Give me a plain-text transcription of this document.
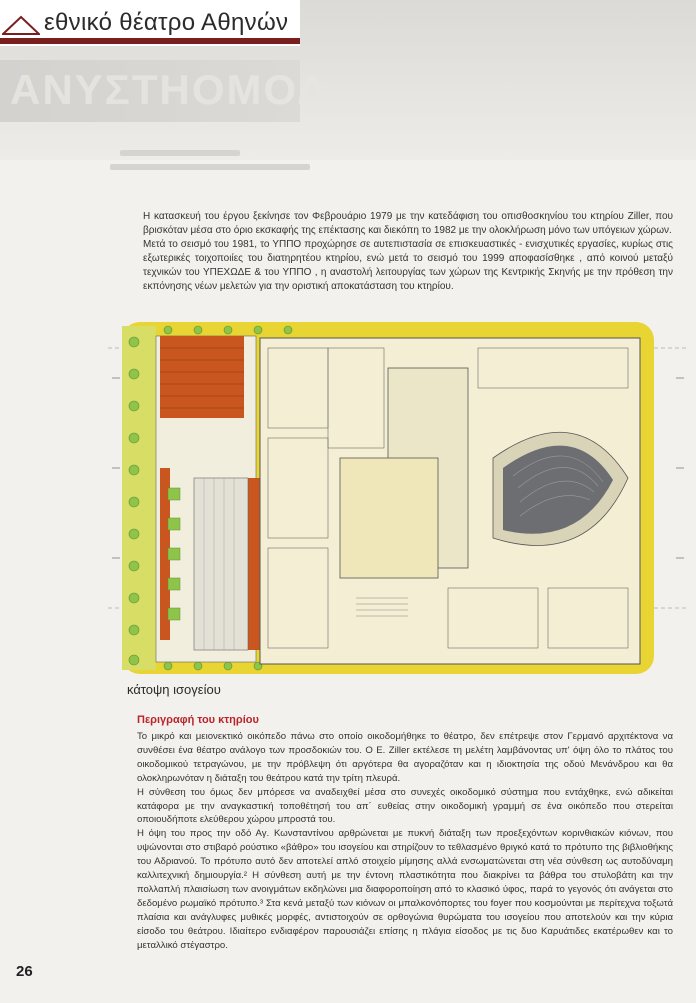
ΑΝΥΣΤΗΟΜΟΔ
εθνικό θέατρο Αθηνών

Η κατασκευή του έργου ξεκίνησε τον Φεβρουάριο 1979 με την κατεδάφιση του οπισθοσκηνίου του κτηρίου Ziller, που βρισκόταν μέσα στο όριο εκσκαφής της επέκτασης και διεκόπη το 1982 με την ολοκλήρωση μόνο των υπόγειων χώρων.

Μετά το σεισμό του 1981, το ΥΠΠΟ προχώρησε σε αυτεπιστασία σε επισκευαστικές - ενισχυτικές εργασίες, κυρίως στις εξωτερικές τοιχοποιίες του διατηρητέου κτηρίου, ενώ μετά το σεισμό του 1999 αποφασίσθηκε , από κοινού μεταξύ τεχνικών του ΥΠΕΧΩΔΕ & του ΥΠΠΟ , η αναστολή λειτουργίας των χώρων της Κεντρικής Σκηνής με την πρόθεση την εκπόνησης νέων μελετών για την οριστική αποκατάσταση του κτηρίου.

κάτοψη ισογείου
Περιγραφή του κτηρίου

Το μικρό και μειονεκτικό οικόπεδο πάνω στο οποίο οικοδομήθηκε το θέατρο, δεν επέτρεψε στον Γερμανό αρχιτέκτονα να συνθέσει ένα θέατρο ανάλογο των προσδοκιών του. Ο Ε. Ziller εκτέλεσε τη μελέτη λαμβάνοντας υπ' όψη όλο το πλάτος του οικοδομικού τετραγώνου, με την πρόβλεψη ότι αργότερα θα αγοραζόταν και η ιδιοκτησία της οδού Μενάνδρου και θα ολοκληρωνόταν η διάταξη του θεάτρου κατά την τρίτη πλευρά.

Η σύνθεση του όμως δεν μπόρεσε να αναδειχθεί μέσα στο συνεχές οικοδομικό σύστημα που εντάχθηκε, ενώ αδικείται κατάφορα με την αναγκαστική τοποθέτησή του απ΄ ευθείας στην οικοδομική γραμμή σε ένα οικόπεδο που στερείται οποιουδήποτε ελεύθερου χώρου μπροστά του.

Η όψη του προς την οδό Αγ. Κωνσταντίνου αρθρώνεται με πυκνή διάταξη των προεξεχόντων κορινθιακών κιόνων, που υψώνονται στο στιβαρό ρούστικο «βάθρο» του ισογείου και στηρίζουν το τεθλασμένο θριγκό κατά το πρότυπο της βιβλιοθήκης του Αδριανού. Το πρότυπο αυτό δεν αποτελεί απλό στοιχείο μίμησης αλλά ενσωματώνεται στη νέα σύνθεση ως αυτοδύναμη καλλιτεχνική δημιουργία.² Η σύνθεση αυτή με την έντονη πλαστικότητα που διακρίνει τα βάθρα του στυλοβάτη και την πολλαπλή πλαισίωση των ανοιγμάτων εκδηλώνει μια διαφοροποίηση από το κλασικό ύφος, παρά το γεγονός ότι ανάγεται στο δεδομένο ρωμαϊκό πρότυπο.³ Στα κενά μεταξύ των κιόνων οι μπαλκονόπορτες του foyer που κοσμούνται με περίτεχνα τοξωτά πλαίσια και ανάγλυφες μυθικές μορφές, αντιστοιχούν σε ορθογώνια θυρώματα του ισογείου που αποτελούν και την κύρια είσοδο του θεάτρου. Ιδιαίτερο ενδιαφέρον παρουσιάζει επίσης η πλάγια είσοδος με τις δυο Καρυάτιδες εκατέρωθεν και το μεταλλικό στέγαστρο.

26
